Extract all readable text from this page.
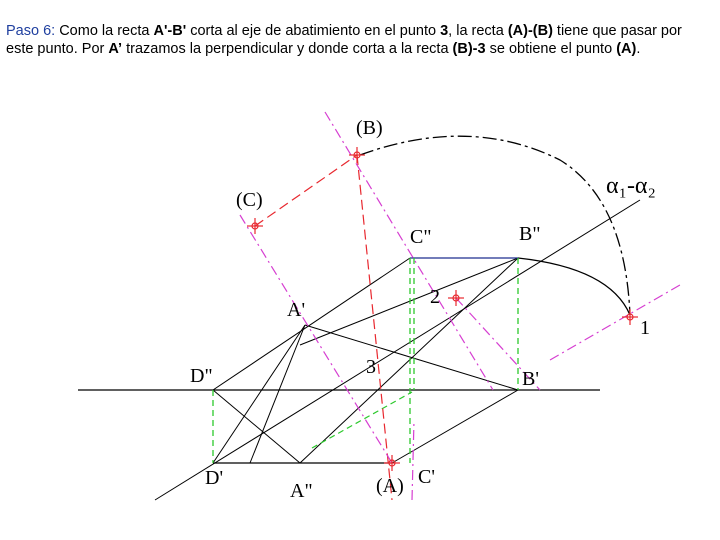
Paso 6: Como la recta A'-B' corta al eje de abatimiento en el punto 3, la recta (A)-(B) tiene que pasar por este punto. Por A’ trazamos la perpendicular y donde corta a la recta (B)-3 se obtiene el punto (A).
(B)
(C)
α₁-α₂
C"	B"
2
A'
1
3
D"	B'
D'
A"	(A) C'
